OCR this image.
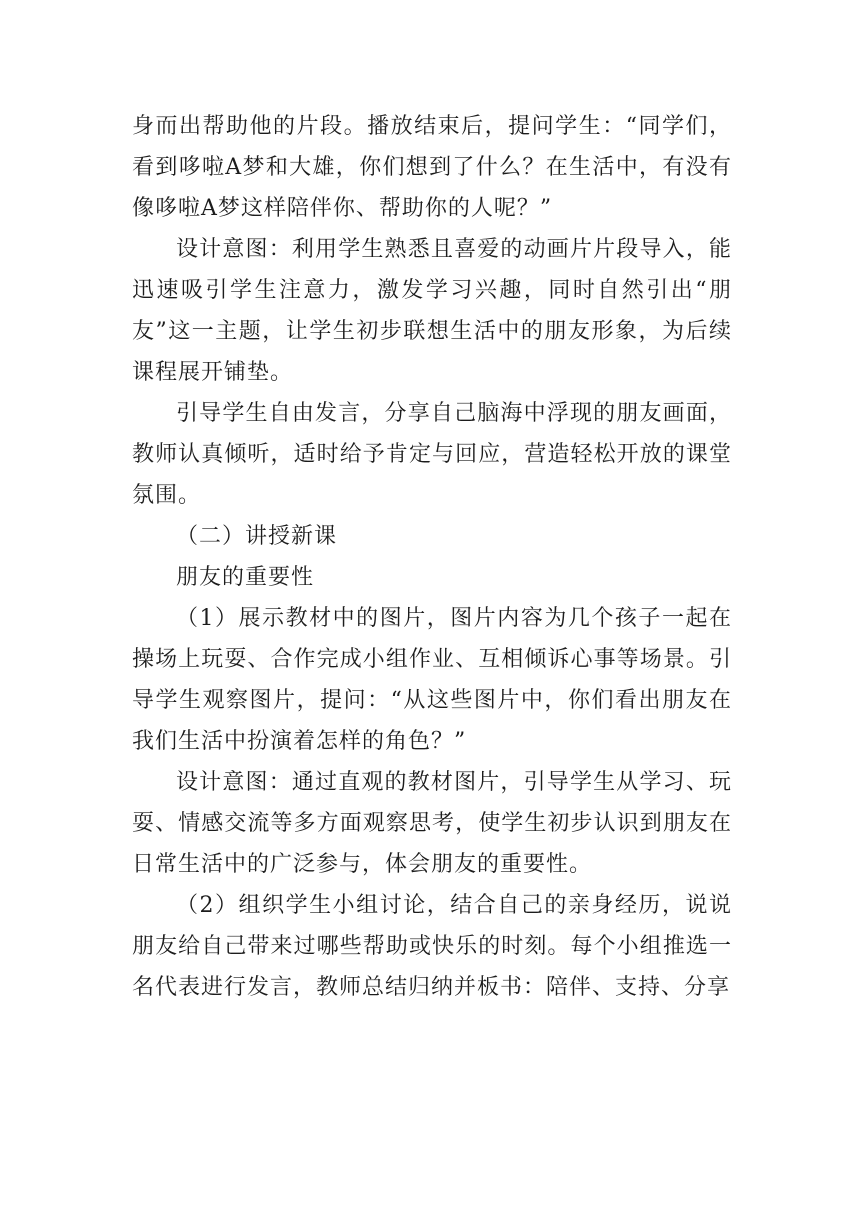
身而出帮助他的片段。播放结束后，提问学生：“同学们，看到哆啦A梦和大雄，你们想到了什么？在生活中，有没有像哆啦A梦这样陪伴你、帮助你的人呢？”

设计意图：利用学生熟悉且喜爱的动画片片段导入，能迅速吸引学生注意力，激发学习兴趣，同时自然引出“朋友”这一主题，让学生初步联想生活中的朋友形象，为后续课程展开铺垫。

引导学生自由发言，分享自己脑海中浮现的朋友画面，教师认真倾听，适时给予肯定与回应，营造轻松开放的课堂氛围。

（二）讲授新课

朋友的重要性

（1）展示教材中的图片，图片内容为几个孩子一起在操场上玩耍、合作完成小组作业、互相倾诉心事等场景。引导学生观察图片，提问：“从这些图片中，你们看出朋友在我们生活中扮演着怎样的角色？”

设计意图：通过直观的教材图片，引导学生从学习、玩耍、情感交流等多方面观察思考，使学生初步认识到朋友在日常生活中的广泛参与，体会朋友的重要性。

（2）组织学生小组讨论，结合自己的亲身经历，说说朋友给自己带来过哪些帮助或快乐的时刻。每个小组推选一名代表进行发言，教师总结归纳并板书：陪伴、支持、分享
